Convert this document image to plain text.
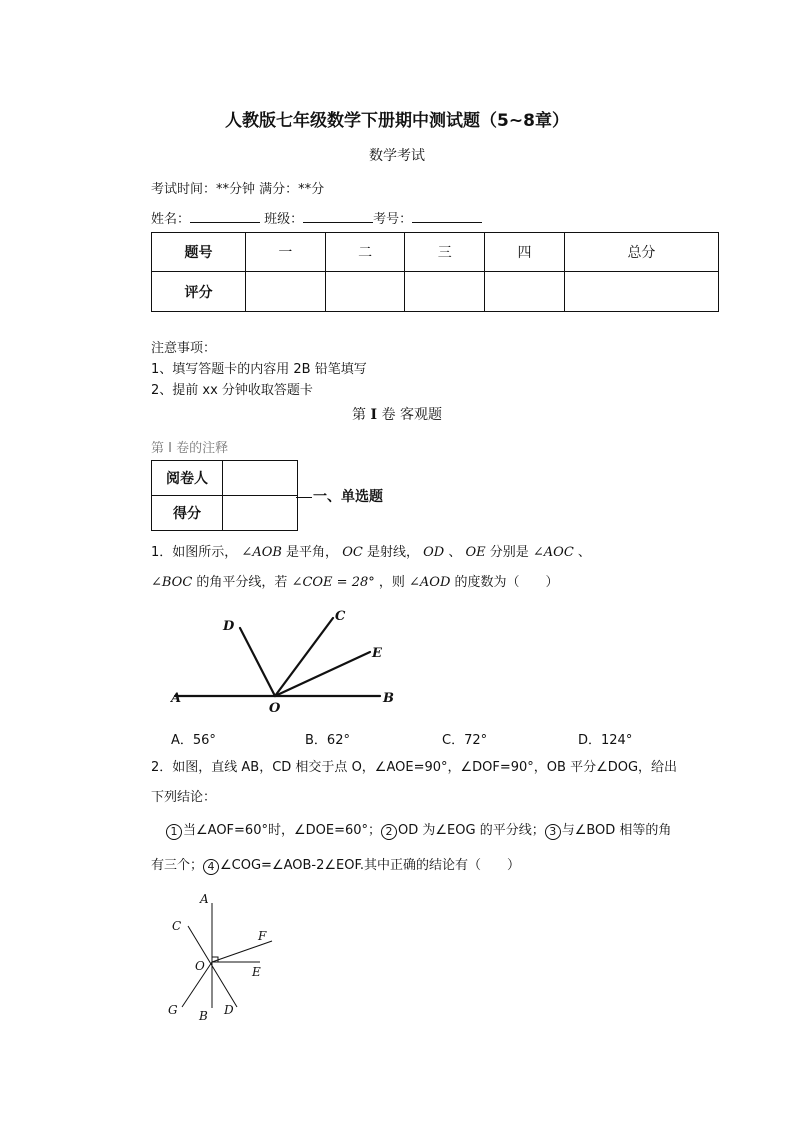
人教版七年级数学下册期中测试题（5~8章）
数学考试
考试时间：**分钟 满分：**分
姓名：	班级：	考号：
题号	一	二	三	四	总分
评分					
注意事项：
1、填写答题卡的内容用 2B 铅笔填写
2、提前 xx 分钟收取答题卡
第 I 卷 客观题
第 I 卷的注释
阅卷人	
得分	
一、单选题
1．如图所示， ∠AOB 是平角， OC 是射线， OD 、 OE 分别是 ∠AOC 、
∠BOC 的角平分线，若 ∠COE = 28° ，则 ∠AOD 的度数为（　　）
D
C
E
A
O
B
A．56°	B．62°	C．72°	D．124°
2．如图，直线 AB，CD 相交于点 O，∠AOE=90°，∠DOF=90°，OB 平分∠DOG，给出
下列结论：
1 当∠AOF=60°时，∠DOE=60°； 2 OD 为∠EOG 的平分线； 3 与∠BOD 相等的角
有三个； 4 ∠COG=∠AOB-2∠EOF.其中正确的结论有（　　）
A
C
F
O	E
G B D
